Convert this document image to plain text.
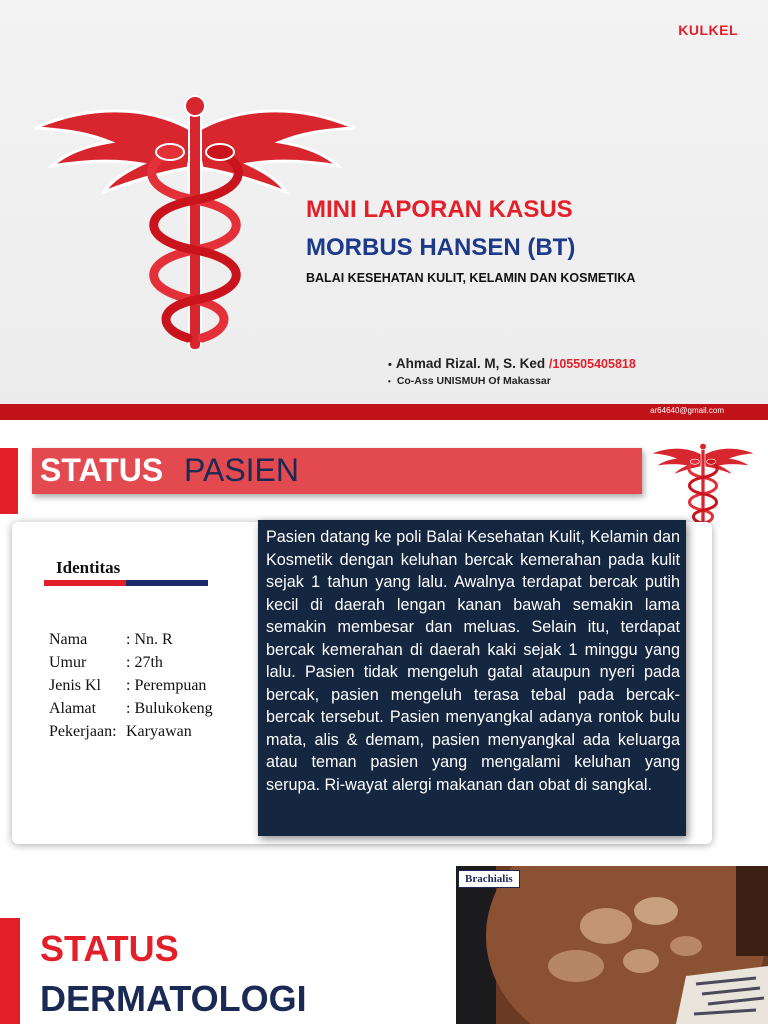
KULKEL
MINI LAPORAN KASUS
MORBUS HANSEN (BT)
BALAI KESEHATAN KULIT, KELAMIN DAN KOSMETIKA
• Ahmad Rizal. M, S. Ked /105505405818
• Co-Ass UNISMUH Of Makassar
ar64640@gmail.com
STATUS PASIEN
Identitas
Nama	: Nn. R
Umur	: 27th
Jenis Kl	: Perempuan
Alamat	: Bulukokeng
Pekerjaan:	Karyawan
Pasien datang ke poli Balai Kesehatan Kulit, Kelamin dan Kosmetik dengan keluhan bercak kemerahan pada kulit sejak 1 tahun yang lalu. Awalnya terdapat bercak putih kecil di daerah lengan kanan bawah semakin lama semakin membesar dan meluas. Selain itu, terdapat bercak kemerahan di daerah kaki sejak 1 minggu yang lalu. Pasien tidak mengeluh gatal ataupun nyeri pada bercak, pasien mengeluh terasa tebal pada bercak-bercak tersebut. Pasien menyangkal adanya rontok bulu mata, alis & demam, pasien menyangkal ada keluarga atau teman pasien yang mengalami keluhan yang serupa. Ri-wayat alergi makanan dan obat di sangkal.
STATUS
DERMATOLOGI
Brachialis
